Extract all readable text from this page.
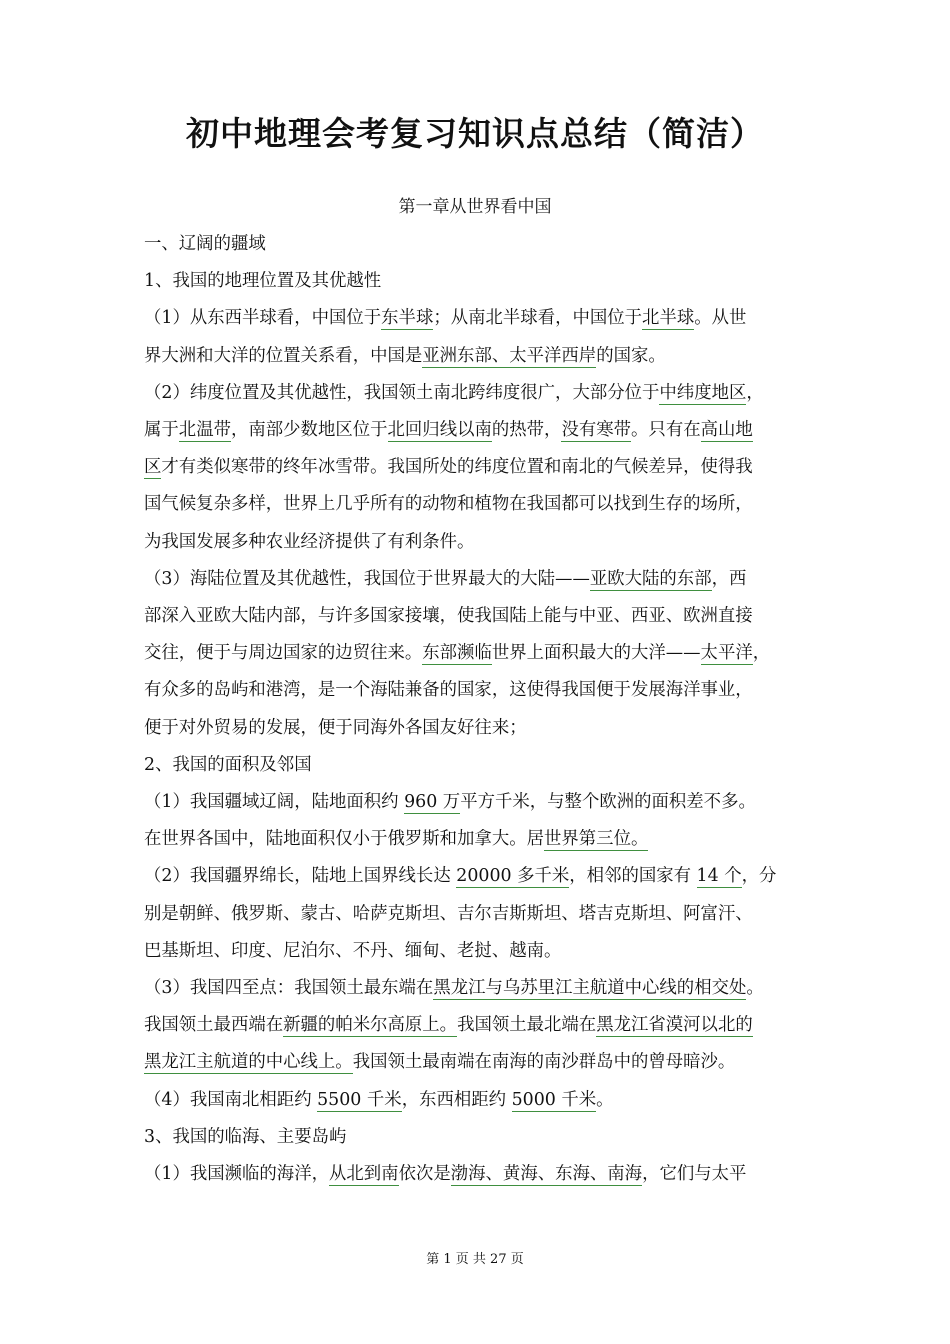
初中地理会考复习知识点总结（简洁）
第一章从世界看中国
一、辽阔的疆域
1、我国的地理位置及其优越性
（1）从东西半球看，中国位于东半球；从南北半球看，中国位于北半球。从世
界大洲和大洋的位置关系看，中国是亚洲东部、太平洋西岸的国家。
（2）纬度位置及其优越性，我国领土南北跨纬度很广，大部分位于中纬度地区，
属于北温带，南部少数地区位于北回归线以南的热带，没有寒带。只有在高山地
区才有类似寒带的终年冰雪带。我国所处的纬度位置和南北的气候差异，使得我
国气候复杂多样，世界上几乎所有的动物和植物在我国都可以找到生存的场所，
为我国发展多种农业经济提供了有利条件。
（3）海陆位置及其优越性，我国位于世界最大的大陆——亚欧大陆的东部，西
部深入亚欧大陆内部，与许多国家接壤，使我国陆上能与中亚、西亚、欧洲直接
交往，便于与周边国家的边贸往来。东部濒临世界上面积最大的大洋——太平洋，
有众多的岛屿和港湾，是一个海陆兼备的国家，这使得我国便于发展海洋事业，
便于对外贸易的发展，便于同海外各国友好往来；
2、我国的面积及邻国
（1）我国疆域辽阔，陆地面积约 960 万平方千米，与整个欧洲的面积差不多。
在世界各国中，陆地面积仅小于俄罗斯和加拿大。居世界第三位。
（2）我国疆界绵长，陆地上国界线长达 20000 多千米，相邻的国家有 14 个，分
别是朝鲜、俄罗斯、蒙古、哈萨克斯坦、吉尔吉斯斯坦、塔吉克斯坦、阿富汗、
巴基斯坦、印度、尼泊尔、不丹、缅甸、老挝、越南。
（3）我国四至点：我国领土最东端在黑龙江与乌苏里江主航道中心线的相交处。
我国领土最西端在新疆的帕米尔高原上。我国领土最北端在黑龙江省漠河以北的
黑龙江主航道的中心线上。我国领土最南端在南海的南沙群岛中的曾母暗沙。
（4）我国南北相距约 5500 千米，东西相距约 5000 千米。
3、我国的临海、主要岛屿
（1）我国濒临的海洋，从北到南依次是渤海、黄海、东海、南海，它们与太平
第 1 页 共 27 页
